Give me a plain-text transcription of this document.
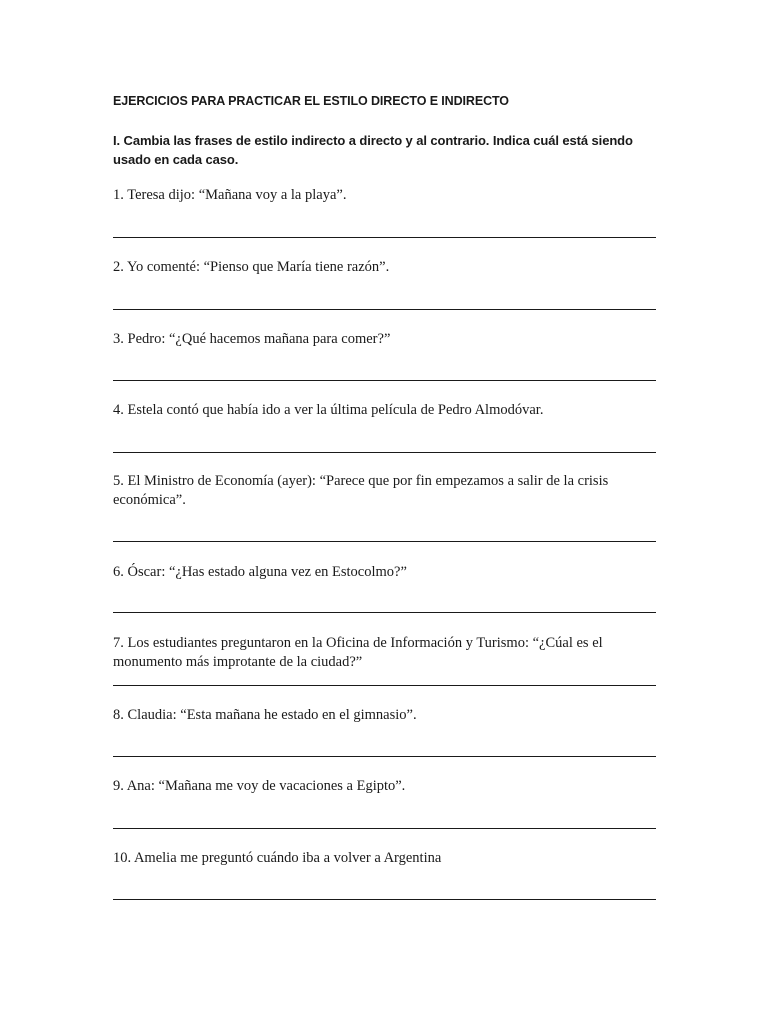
EJERCICIOS PARA PRACTICAR EL ESTILO DIRECTO E INDIRECTO
I. Cambia las frases de estilo indirecto a directo y al contrario. Indica cuál está siendo usado en cada caso.
1. Teresa dijo: “Mañana voy a la playa”.
2. Yo comenté: “Pienso que María tiene razón”.
3. Pedro: “¿Qué hacemos mañana para comer?”
4. Estela contó que había ido a ver la última película de Pedro Almodóvar.
5. El Ministro de Economía (ayer): “Parece que por fin empezamos a salir de la crisis económica”.
6. Óscar: “¿Has estado alguna vez en Estocolmo?”
7. Los estudiantes preguntaron en la Oficina de Información y Turismo: “¿Cúal es el monumento más improtante de la ciudad?”
8. Claudia: “Esta mañana he estado en el gimnasio”.
9. Ana: “Mañana me voy de vacaciones a Egipto”.
10. Amelia me preguntó cuándo iba a volver a Argentina
